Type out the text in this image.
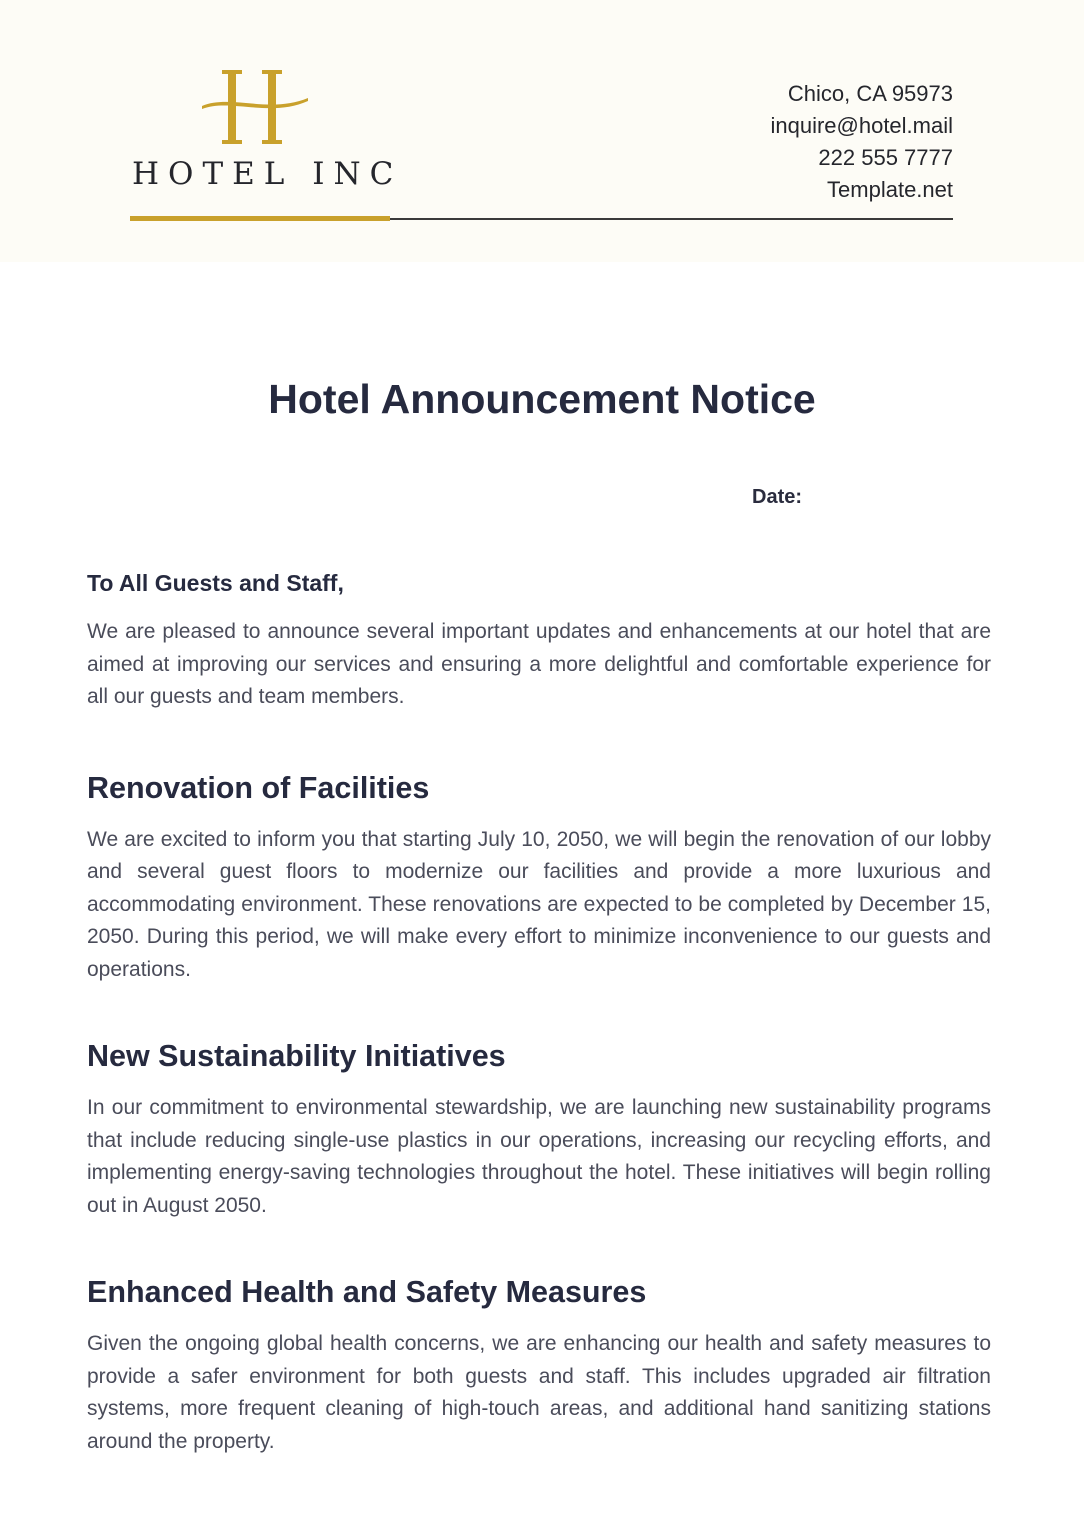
HOTEL INC
Chico, CA 95973
inquire@hotel.mail
222 555 7777
Template.net
Hotel Announcement Notice
Date:

To All Guests and Staff,

We are pleased to announce several important updates and enhancements at our hotel that are aimed at improving our services and ensuring a more delightful and comfortable experience for all our guests and team members.

Renovation of Facilities

We are excited to inform you that starting July 10, 2050, we will begin the renovation of our lobby and several guest floors to modernize our facilities and provide a more luxurious and accommodating environment. These renovations are expected to be completed by December 15, 2050. During this period, we will make every effort to minimize inconvenience to our guests and operations.

New Sustainability Initiatives

In our commitment to environmental stewardship, we are launching new sustainability programs that include reducing single-use plastics in our operations, increasing our recycling efforts, and implementing energy-saving technologies throughout the hotel. These initiatives will begin rolling out in August 2050.

Enhanced Health and Safety Measures

Given the ongoing global health concerns, we are enhancing our health and safety measures to provide a safer environment for both guests and staff. This includes upgraded air filtration systems, more frequent cleaning of high-touch areas, and additional hand sanitizing stations around the property.
